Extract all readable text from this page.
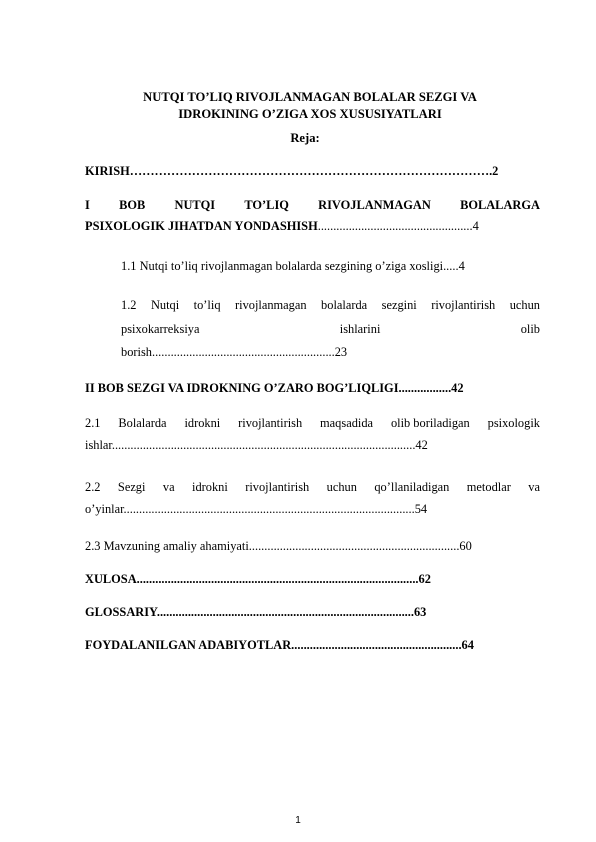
NUTQI TO’LIQ RIVOJLANMAGAN BOLALAR SEZGI VA
IDROKINING O’ZIGA XOS XUSUSIYATLARI
Reja:
KIRISH…………………………………………………………………………….2
I BOB NUTQI TO’LIQ RIVOJLANMAGAN BOLALARGA
PSIXOLOGIK JIHATDAN YONDASHISH..................................................4
1.1 Nutqi to’liq rivojlanmagan bolalarda sezgining o’ziga xosligi.....4
1.2 Nutqi to’liq rivojlanmagan bolalarda sezgini rivojlantirish uchun
psixokarreksiya	ishlarini	olib
borish...........................................................23
II BOB SEZGI VA IDROKNING O’ZARO BOG’LIQLIGI.................42
2.1 Bolalarda idrokni rivojlantirish maqsadida olib boriladigan psixologik
ishlar..................................................................................................42
2.2 Sezgi va idrokni rivojlantirish uchun qo’llaniladigan metodlar va
o’yinlar..............................................................................................54
2.3 Mavzuning amaliy ahamiyati....................................................................60
XULOSA...........................................................................................62
GLOSSARIY...................................................................................63
FOYDALANILGAN ADABIYOTLAR.......................................................64
1
